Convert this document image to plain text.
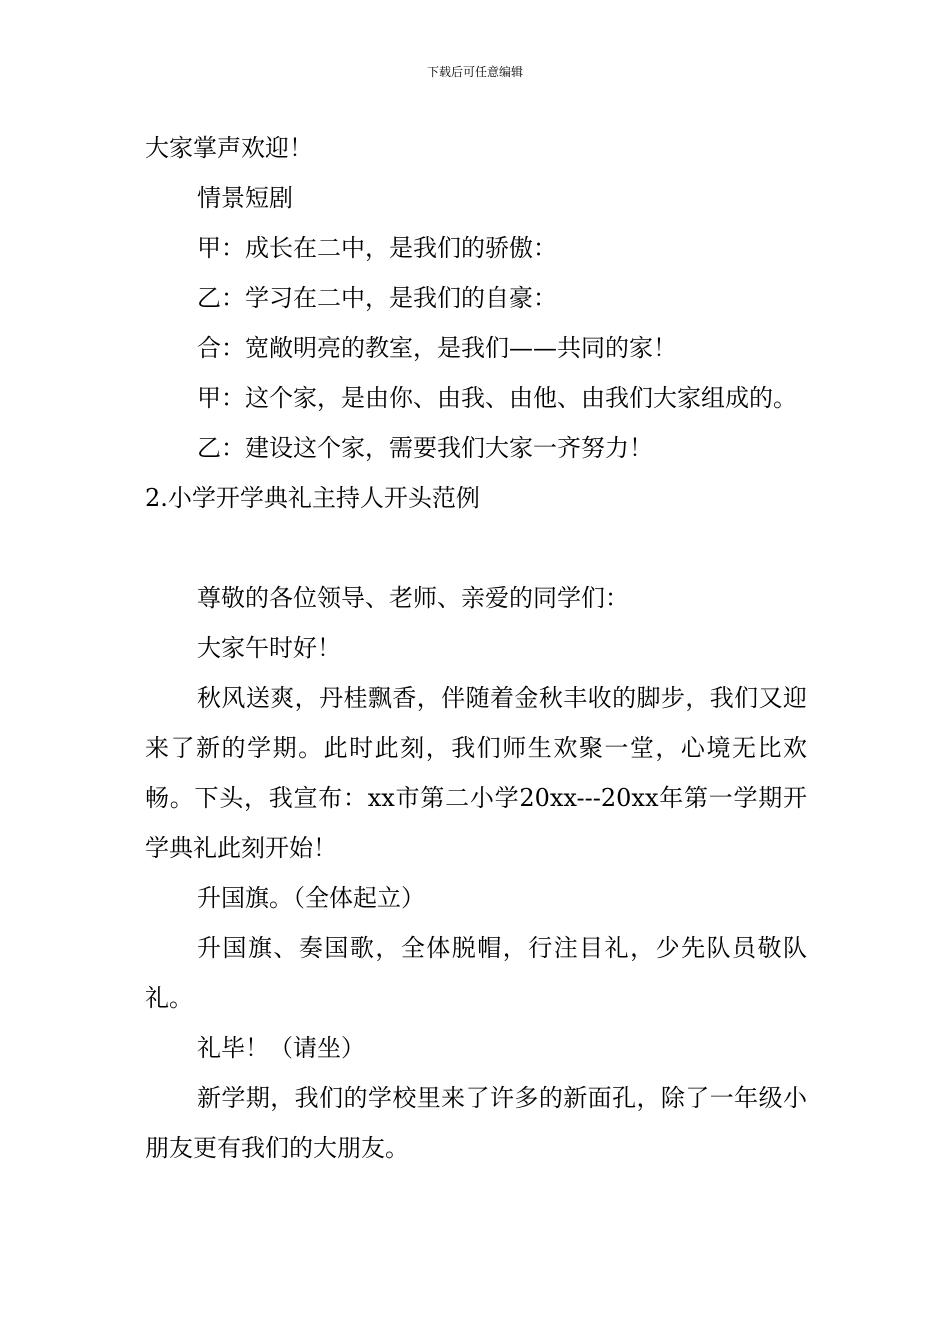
下载后可任意编辑

大家掌声欢迎！

情景短剧

甲：成长在二中，是我们的骄傲：

乙：学习在二中，是我们的自豪：

合：宽敞明亮的教室，是我们——共同的家！

甲：这个家，是由你、由我、由他、由我们大家组成的。

乙：建设这个家，需要我们大家一齐努力！

2.小学开学典礼主持人开头范例

尊敬的各位领导、老师、亲爱的同学们：

大家午时好！

秋风送爽，丹桂飘香，伴随着金秋丰收的脚步，我们又迎来了新的学期。此时此刻，我们师生欢聚一堂，心境无比欢畅。下头，我宣布：xx市第二小学20xx---20xx年第一学期开学典礼此刻开始！

升国旗。（全体起立）

升国旗、奏国歌，全体脱帽，行注目礼，少先队员敬队礼。

礼毕！（请坐）

新学期，我们的学校里来了许多的新面孔，除了一年级小朋友更有我们的大朋友。
